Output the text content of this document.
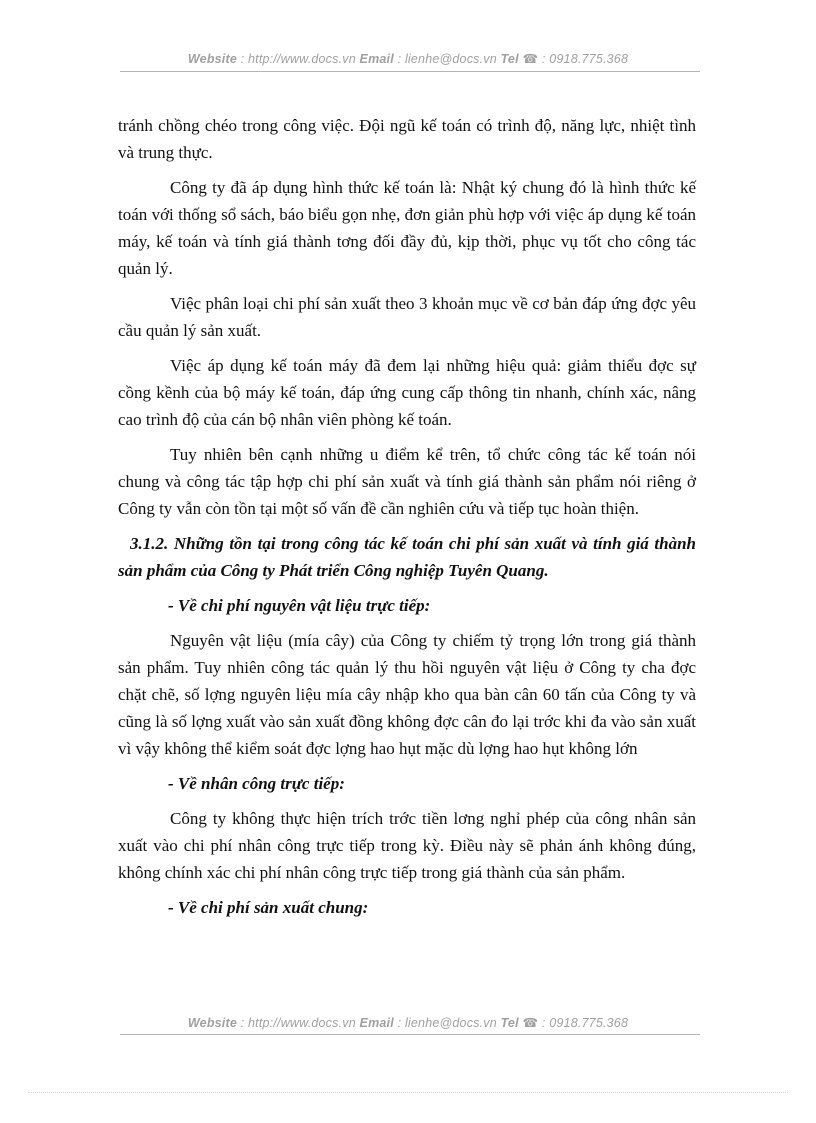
Website : http://www.docs.vn Email : lienhe@docs.vn Tel ☎ : 0918.775.368

tránh chồng chéo trong công việc. Đội ngũ kế toán có trình độ, năng lực, nhiệt tình và trung thực.

Công ty đã áp dụng hình thức kế toán là: Nhật ký chung đó là hình thức kế toán với thống sổ sách, báo biểu gọn nhẹ, đơn giản phù hợp với việc áp dụng kế toán máy, kế toán và tính giá thành tơng đối đầy đủ, kịp thời, phục vụ tốt cho công tác quản lý.

Việc phân loại chi phí sản xuất theo 3 khoản mục về cơ bản đáp ứng đợc yêu cầu quản lý sản xuất.

Việc áp dụng kế toán máy đã đem lại những hiệu quả: giảm thiểu đợc sự cồng kềnh của bộ máy kế toán, đáp ứng cung cấp thông tin nhanh, chính xác, nâng cao trình độ của cán bộ nhân viên phòng kế toán.

Tuy nhiên bên cạnh những u điểm kể trên, tổ chức công tác kế toán nói chung và công tác tập hợp chi phí sản xuất và tính giá thành sản phẩm nói riêng ở Công ty vẫn còn tồn tại một số vấn đề cần nghiên cứu và tiếp tục hoàn thiện.

3.1.2. Những tồn tại trong công tác kế toán chi phí sản xuất và tính giá thành sản phẩm của Công ty Phát triển Công nghiệp Tuyên Quang.

- Về chi phí nguyên vật liệu trực tiếp:

Nguyên vật liệu (mía cây) của Công ty chiếm tỷ trọng lớn trong giá thành sản phẩm. Tuy nhiên công tác quản lý thu hồi nguyên vật liệu ở Công ty cha đợc chặt chẽ, số lợng nguyên liệu mía cây nhập kho qua bàn cân 60 tấn của Công ty và cũng là số lợng xuất vào sản xuất đồng không đợc cân đo lại trớc khi đa vào sản xuất vì vậy không thể kiểm soát đợc lợng hao hụt mặc dù lợng hao hụt không lớn

- Về nhân công trực tiếp:

Công ty không thực hiện trích trớc tiền lơng nghỉ phép của công nhân sản xuất vào chi phí nhân công trực tiếp trong kỳ. Điều này sẽ phản ánh không đúng, không chính xác chi phí nhân công trực tiếp trong giá thành của sản phẩm.

- Về chi phí sản xuất chung:

Website : http://www.docs.vn Email : lienhe@docs.vn Tel ☎ : 0918.775.368
